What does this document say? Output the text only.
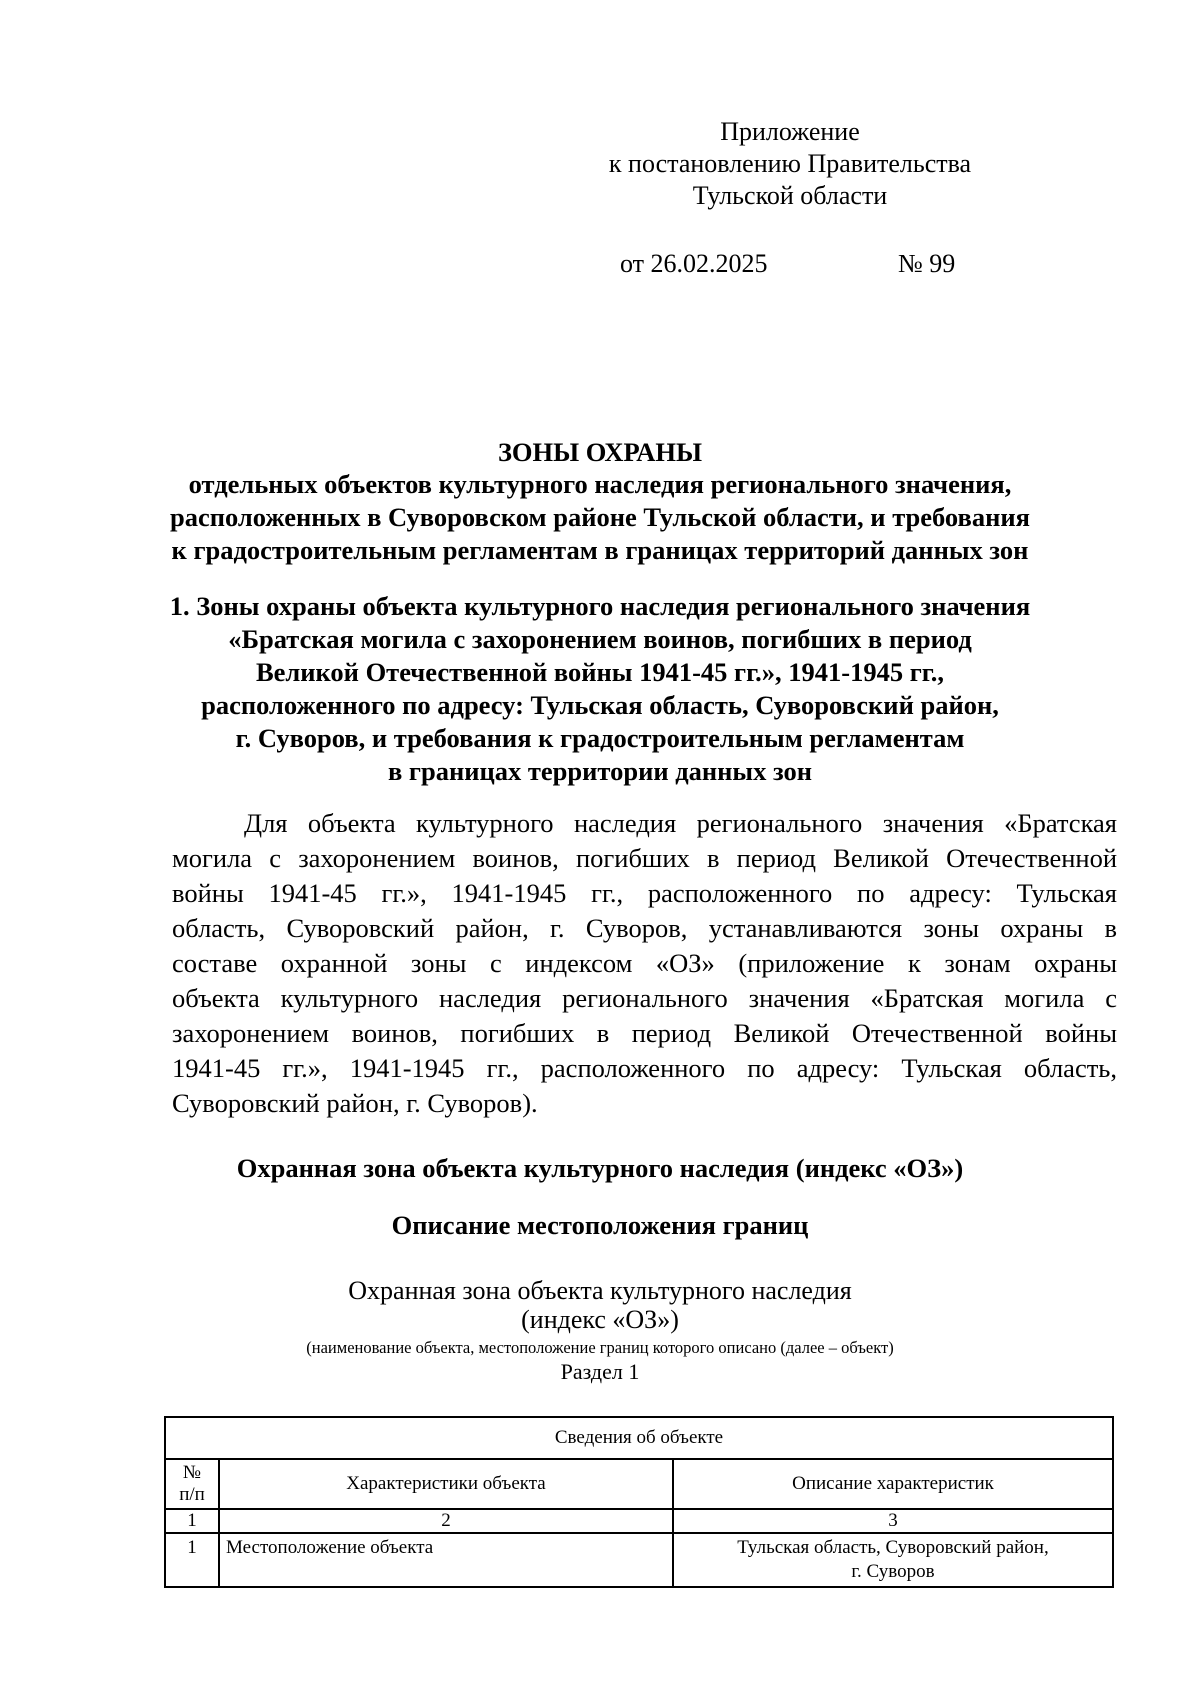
Приложение
к постановлению Правительства
Тульской области
от 26.02.2025	№ 99
ЗОНЫ ОХРАНЫ
отдельных объектов культурного наследия регионального значения,
расположенных в Суворовском районе Тульской области, и требования
к градостроительным регламентам в границах территорий данных зон
1. Зоны охраны объекта культурного наследия регионального значения
«Братская могила с захоронением воинов, погибших в период
Великой Отечественной войны 1941-45 гг.», 1941-1945 гг.,
расположенного по адресу: Тульская область, Суворовский район,
г. Суворов, и требования к градостроительным регламентам
в границах территории данных зон
Для объекта культурного наследия регионального значения «Братская
могила с захоронением воинов, погибших в период Великой Отечественной
войны 1941-45 гг.», 1941-1945 гг., расположенного по адресу: Тульская
область, Суворовский район, г. Суворов, устанавливаются зоны охраны в
составе охранной зоны с индексом «ОЗ» (приложение к зонам охраны
объекта культурного наследия регионального значения «Братская могила с
захоронением воинов, погибших в период Великой Отечественной войны
1941-45 гг.», 1941-1945 гг., расположенного по адресу: Тульская область,
Суворовский район, г. Суворов).
Охранная зона объекта культурного наследия (индекс «ОЗ»)
Описание местоположения границ
Охранная зона объекта культурного наследия
(индекс «ОЗ»)
(наименование объекта, местоположение границ которого описано (далее – объект)
Раздел 1
Сведения об объекте		

№
п/п	Характеристики объекта	Описание характеристик
1	2	3
1	Местоположение объекта	Тульская область, Суворовский район,
г. Суворов
